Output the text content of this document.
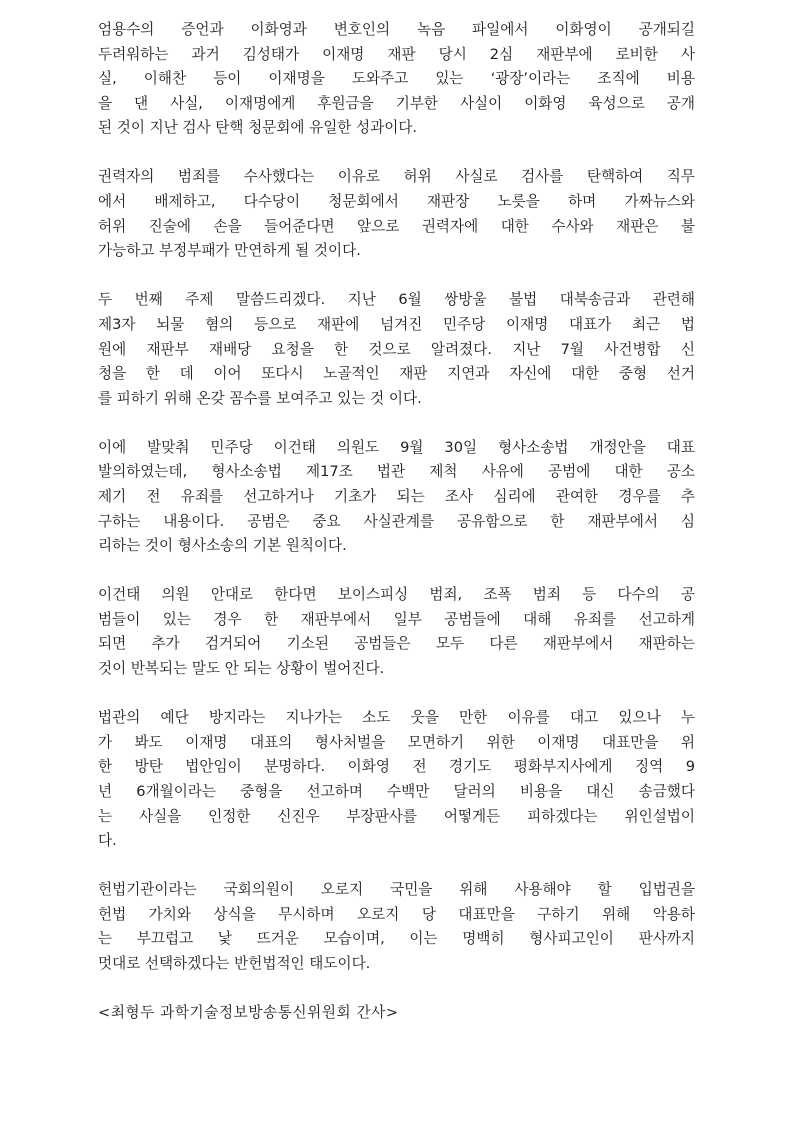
엄용수의 증언과 이화영과 변호인의 녹음 파일에서 이화영이 공개되길
두려워하는 과거 김성태가 이재명 재판 당시 2심 재판부에 로비한 사
실, 이해찬 등이 이재명을 도와주고 있는 ‘광장’이라는 조직에 비용
을 댄 사실, 이재명에게 후원금을 기부한 사실이 이화영 육성으로 공개
된 것이 지난 검사 탄핵 청문회에 유일한 성과이다.
권력자의 범죄를 수사했다는 이유로 허위 사실로 검사를 탄핵하여 직무
에서 배제하고, 다수당이 청문회에서 재판장 노릇을 하며 가짜뉴스와
허위 진술에 손을 들어준다면 앞으로 권력자에 대한 수사와 재판은 불
가능하고 부정부패가 만연하게 될 것이다.
두 번째 주제 말씀드리겠다. 지난 6월 쌍방울 불법 대북송금과 관련해
제3자 뇌물 혐의 등으로 재판에 넘겨진 민주당 이재명 대표가 최근 법
원에 재판부 재배당 요청을 한 것으로 알려졌다. 지난 7월 사건병합 신
청을 한 데 이어 또다시 노골적인 재판 지연과 자신에 대한 중형 선거
를 피하기 위해 온갖 꼼수를 보여주고 있는 것 이다.
이에 발맞춰 민주당 이건태 의원도 9월 30일 형사소송법 개정안을 대표
발의하였는데, 형사소송법 제17조 법관 제척 사유에 공범에 대한 공소
제기 전 유죄를 선고하거나 기초가 되는 조사 심리에 관여한 경우를 추
구하는 내용이다. 공범은 중요 사실관계를 공유함으로 한 재판부에서 심
리하는 것이 형사소송의 기본 원칙이다.
이건태 의원 안대로 한다면 보이스피싱 범죄, 조폭 범죄 등 다수의 공
범들이 있는 경우 한 재판부에서 일부 공범들에 대해 유죄를 선고하게
되면 추가 검거되어 기소된 공범들은 모두 다른 재판부에서 재판하는
것이 반복되는 말도 안 되는 상황이 벌어진다.
법관의 예단 방지라는 지나가는 소도 웃을 만한 이유를 대고 있으나 누
가 봐도 이재명 대표의 형사처벌을 모면하기 위한 이재명 대표만을 위
한 방탄 법안임이 분명하다. 이화영 전 경기도 평화부지사에게 징역 9
년 6개월이라는 중형을 선고하며 수백만 달러의 비용을 대신 송금했다
는 사실을 인정한 신진우 부장판사를 어떻게든 피하겠다는 위인설법이
다.
헌법기관이라는 국회의원이 오로지 국민을 위해 사용해야 할 입법권을
헌법 가치와 상식을 무시하며 오로지 당 대표만을 구하기 위해 악용하
는 부끄럽고 낯 뜨거운 모습이며, 이는 명백히 형사피고인이 판사까지
멋대로 선택하겠다는 반헌법적인 태도이다.
<최형두 과학기술정보방송통신위원회 간사>
